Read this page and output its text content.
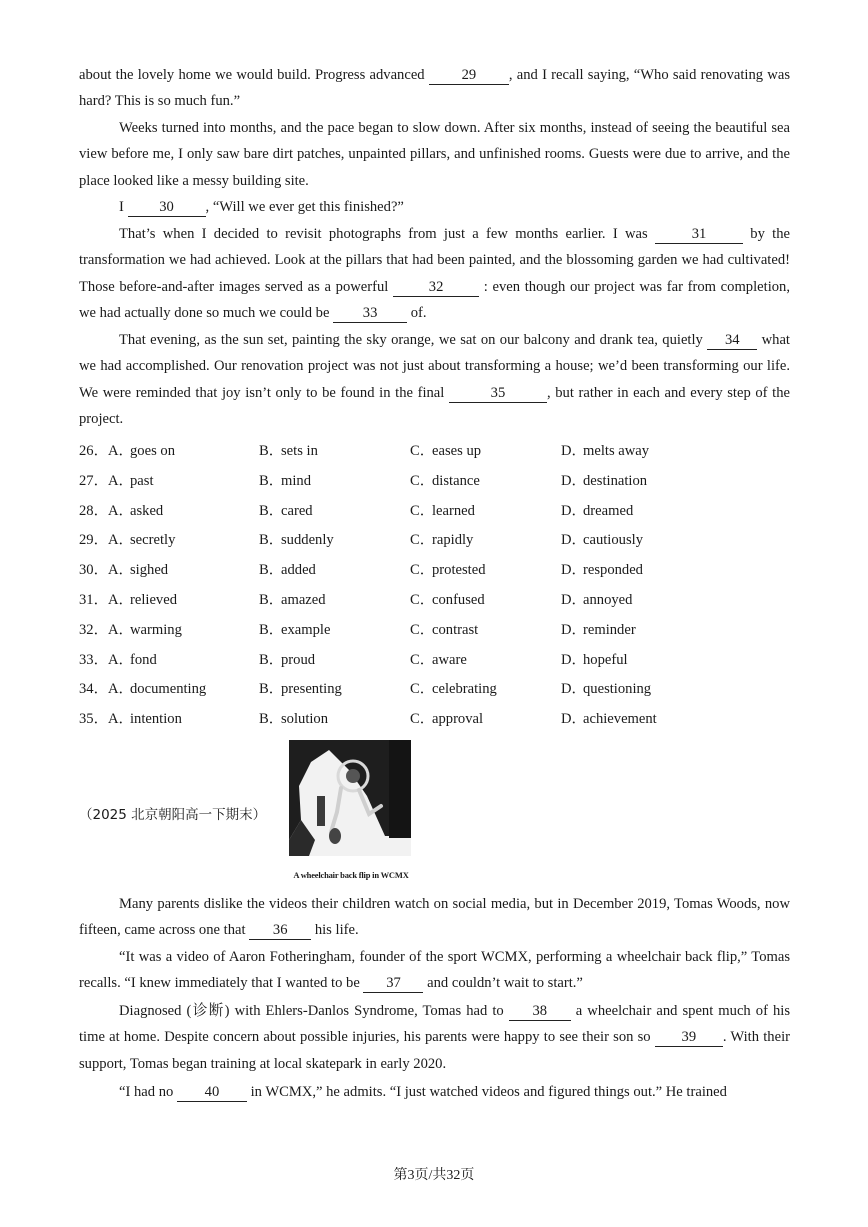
about the lovely home we would build. Progress advanced 29 , and I recall saying, “Who said renovating was hard? This is so much fun.”

Weeks turned into months, and the pace began to slow down. After six months, instead of seeing the beautiful sea view before me, I only saw bare dirt patches, unpainted pillars, and unfinished rooms. Guests were due to arrive, and the place looked like a messy building site.

I 30 , “Will we ever get this finished?”

That’s when I decided to revisit photographs from just a few months earlier. I was	31	by the transformation we had achieved. Look at the pillars that had been painted, and the blossoming garden we had cultivated! Those before-and-after images served as a powerful 32 : even though our project was far from completion, we had actually done so much we could be 33 of.

That evening, as the sun set, painting the sky orange, we sat on our balcony and drank tea, quietly 34 what we had accomplished. Our renovation project was not just about transforming a house; we’d been transforming our life. We were reminded that joy isn’t only to be found in the final	35	, but rather in each and every step of the project.

26． A．goes on	B．sets in	C．eases up	D．melts away
27． A．past	B．mind	C．distance	D．destination
28． A．asked	B．cared	C．learned	D．dreamed
29． A．secretly	B．suddenly	C．rapidly	D．cautiously
30． A．sighed	B．added	C．protested	D．responded
31． A．relieved	B．amazed	C．confused	D．annoyed
32． A．warming	B．example	C．contrast	D．reminder
33． A．fond	B．proud	C．aware	D．hopeful
34． A．documenting	B．presenting	C．celebrating	D．questioning
35． A．intention	B．solution	C．approval	D．achievement
（2025 北京朝阳高一下期末）
A wheelchair back flip in WCMX

Many parents dislike the videos their children watch on social media, but in December 2019, Tomas Woods, now fifteen, came across one that 36 his life.

“It was a video of Aaron Fotheringham, founder of the sport WCMX, performing a wheelchair back flip,” Tomas recalls. “I knew immediately that I wanted to be 37 and couldn’t wait to start.”

Diagnosed (诊断) with Ehlers-Danlos Syndrome, Tomas had to 38 a wheelchair and spent much of his time at home. Despite concern about possible injuries, his parents were happy to see their son so 39 . With their support, Tomas began training at local skatepark in early 2020.

“I had no 40 in WCMX,” he admits. “I just watched videos and figured things out.” He trained

第3页/共32页
